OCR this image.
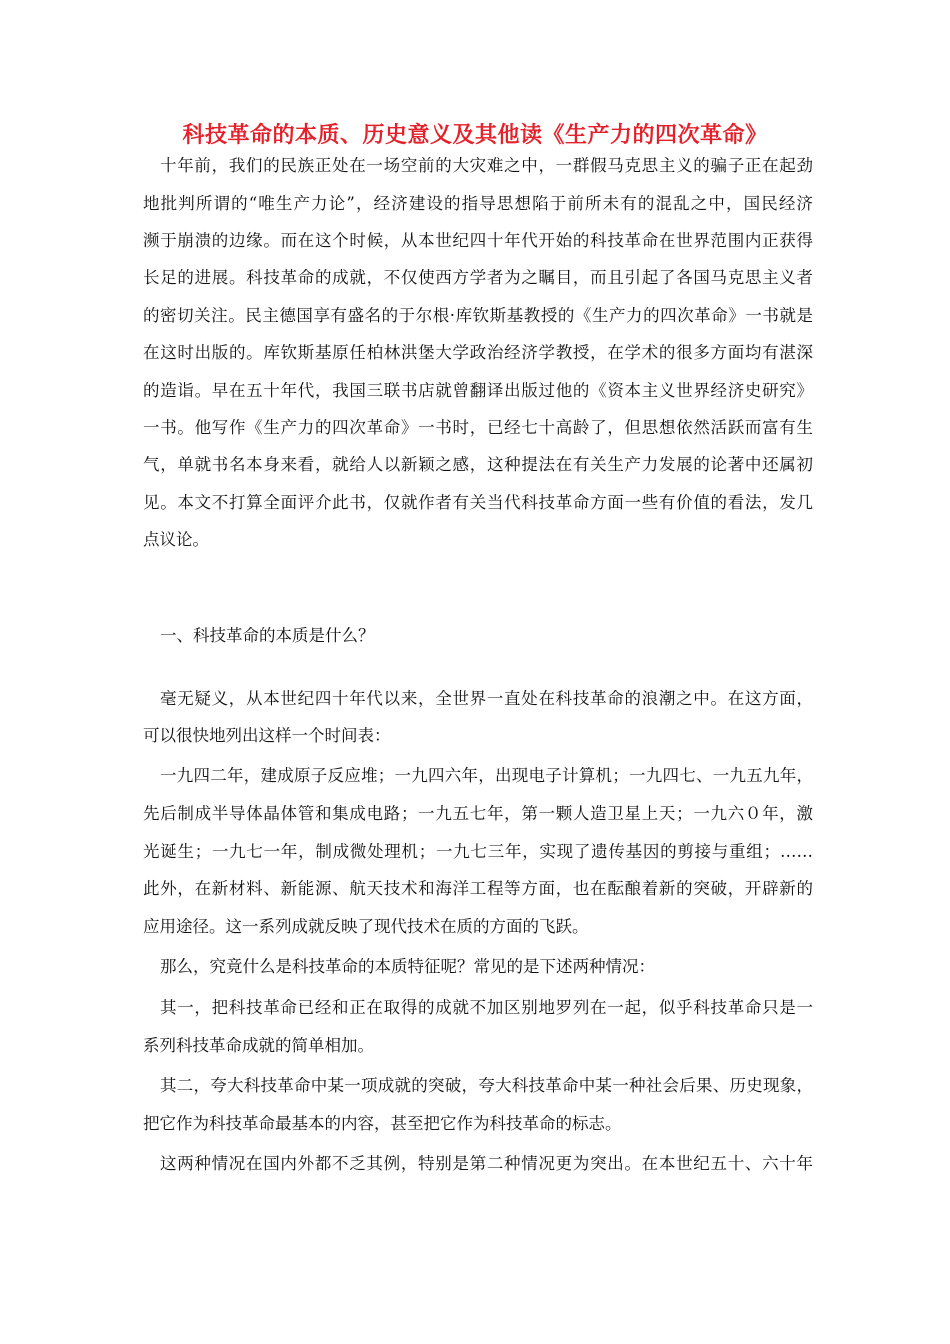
科技革命的本质、历史意义及其他读《生产力的四次革命》
十年前，我们的民族正处在一场空前的大灾难之中，一群假马克思主义的骗子正在起劲
地批判所谓的“唯生产力论”，经济建设的指导思想陷于前所未有的混乱之中，国民经济
濒于崩溃的边缘。而在这个时候，从本世纪四十年代开始的科技革命在世界范围内正获得
长足的进展。科技革命的成就，不仅使西方学者为之瞩目，而且引起了各国马克思主义者
的密切关注。民主德国享有盛名的于尔根·库钦斯基教授的《生产力的四次革命》一书就是
在这时出版的。库钦斯基原任柏林洪堡大学政治经济学教授，在学术的很多方面均有湛深
的造诣。早在五十年代，我国三联书店就曾翻译出版过他的《资本主义世界经济史研究》
一书。他写作《生产力的四次革命》一书时，已经七十高龄了，但思想依然活跃而富有生
气，单就书名本身来看，就给人以新颖之感，这种提法在有关生产力发展的论著中还属初
见。本文不打算全面评介此书，仅就作者有关当代科技革命方面一些有价值的看法，发几
点议论。
一、科技革命的本质是什么？
毫无疑义，从本世纪四十年代以来，全世界一直处在科技革命的浪潮之中。在这方面，
可以很快地列出这样一个时间表：
一九四二年，建成原子反应堆；一九四六年，出现电子计算机；一九四七、一九五九年，
先后制成半导体晶体管和集成电路；一九五七年，第一颗人造卫星上天；一九六０年，激
光诞生；一九七一年，制成微处理机；一九七三年，实现了遗传基因的剪接与重组；……
此外，在新材料、新能源、航天技术和海洋工程等方面，也在酝酿着新的突破，开辟新的
应用途径。这一系列成就反映了现代技术在质的方面的飞跃。
那么，究竟什么是科技革命的本质特征呢？常见的是下述两种情况：
其一，把科技革命已经和正在取得的成就不加区别地罗列在一起，似乎科技革命只是一
系列科技革命成就的简单相加。
其二，夸大科技革命中某一项成就的突破，夸大科技革命中某一种社会后果、历史现象，
把它作为科技革命最基本的内容，甚至把它作为科技革命的标志。
这两种情况在国内外都不乏其例，特别是第二种情况更为突出。在本世纪五十、六十年
